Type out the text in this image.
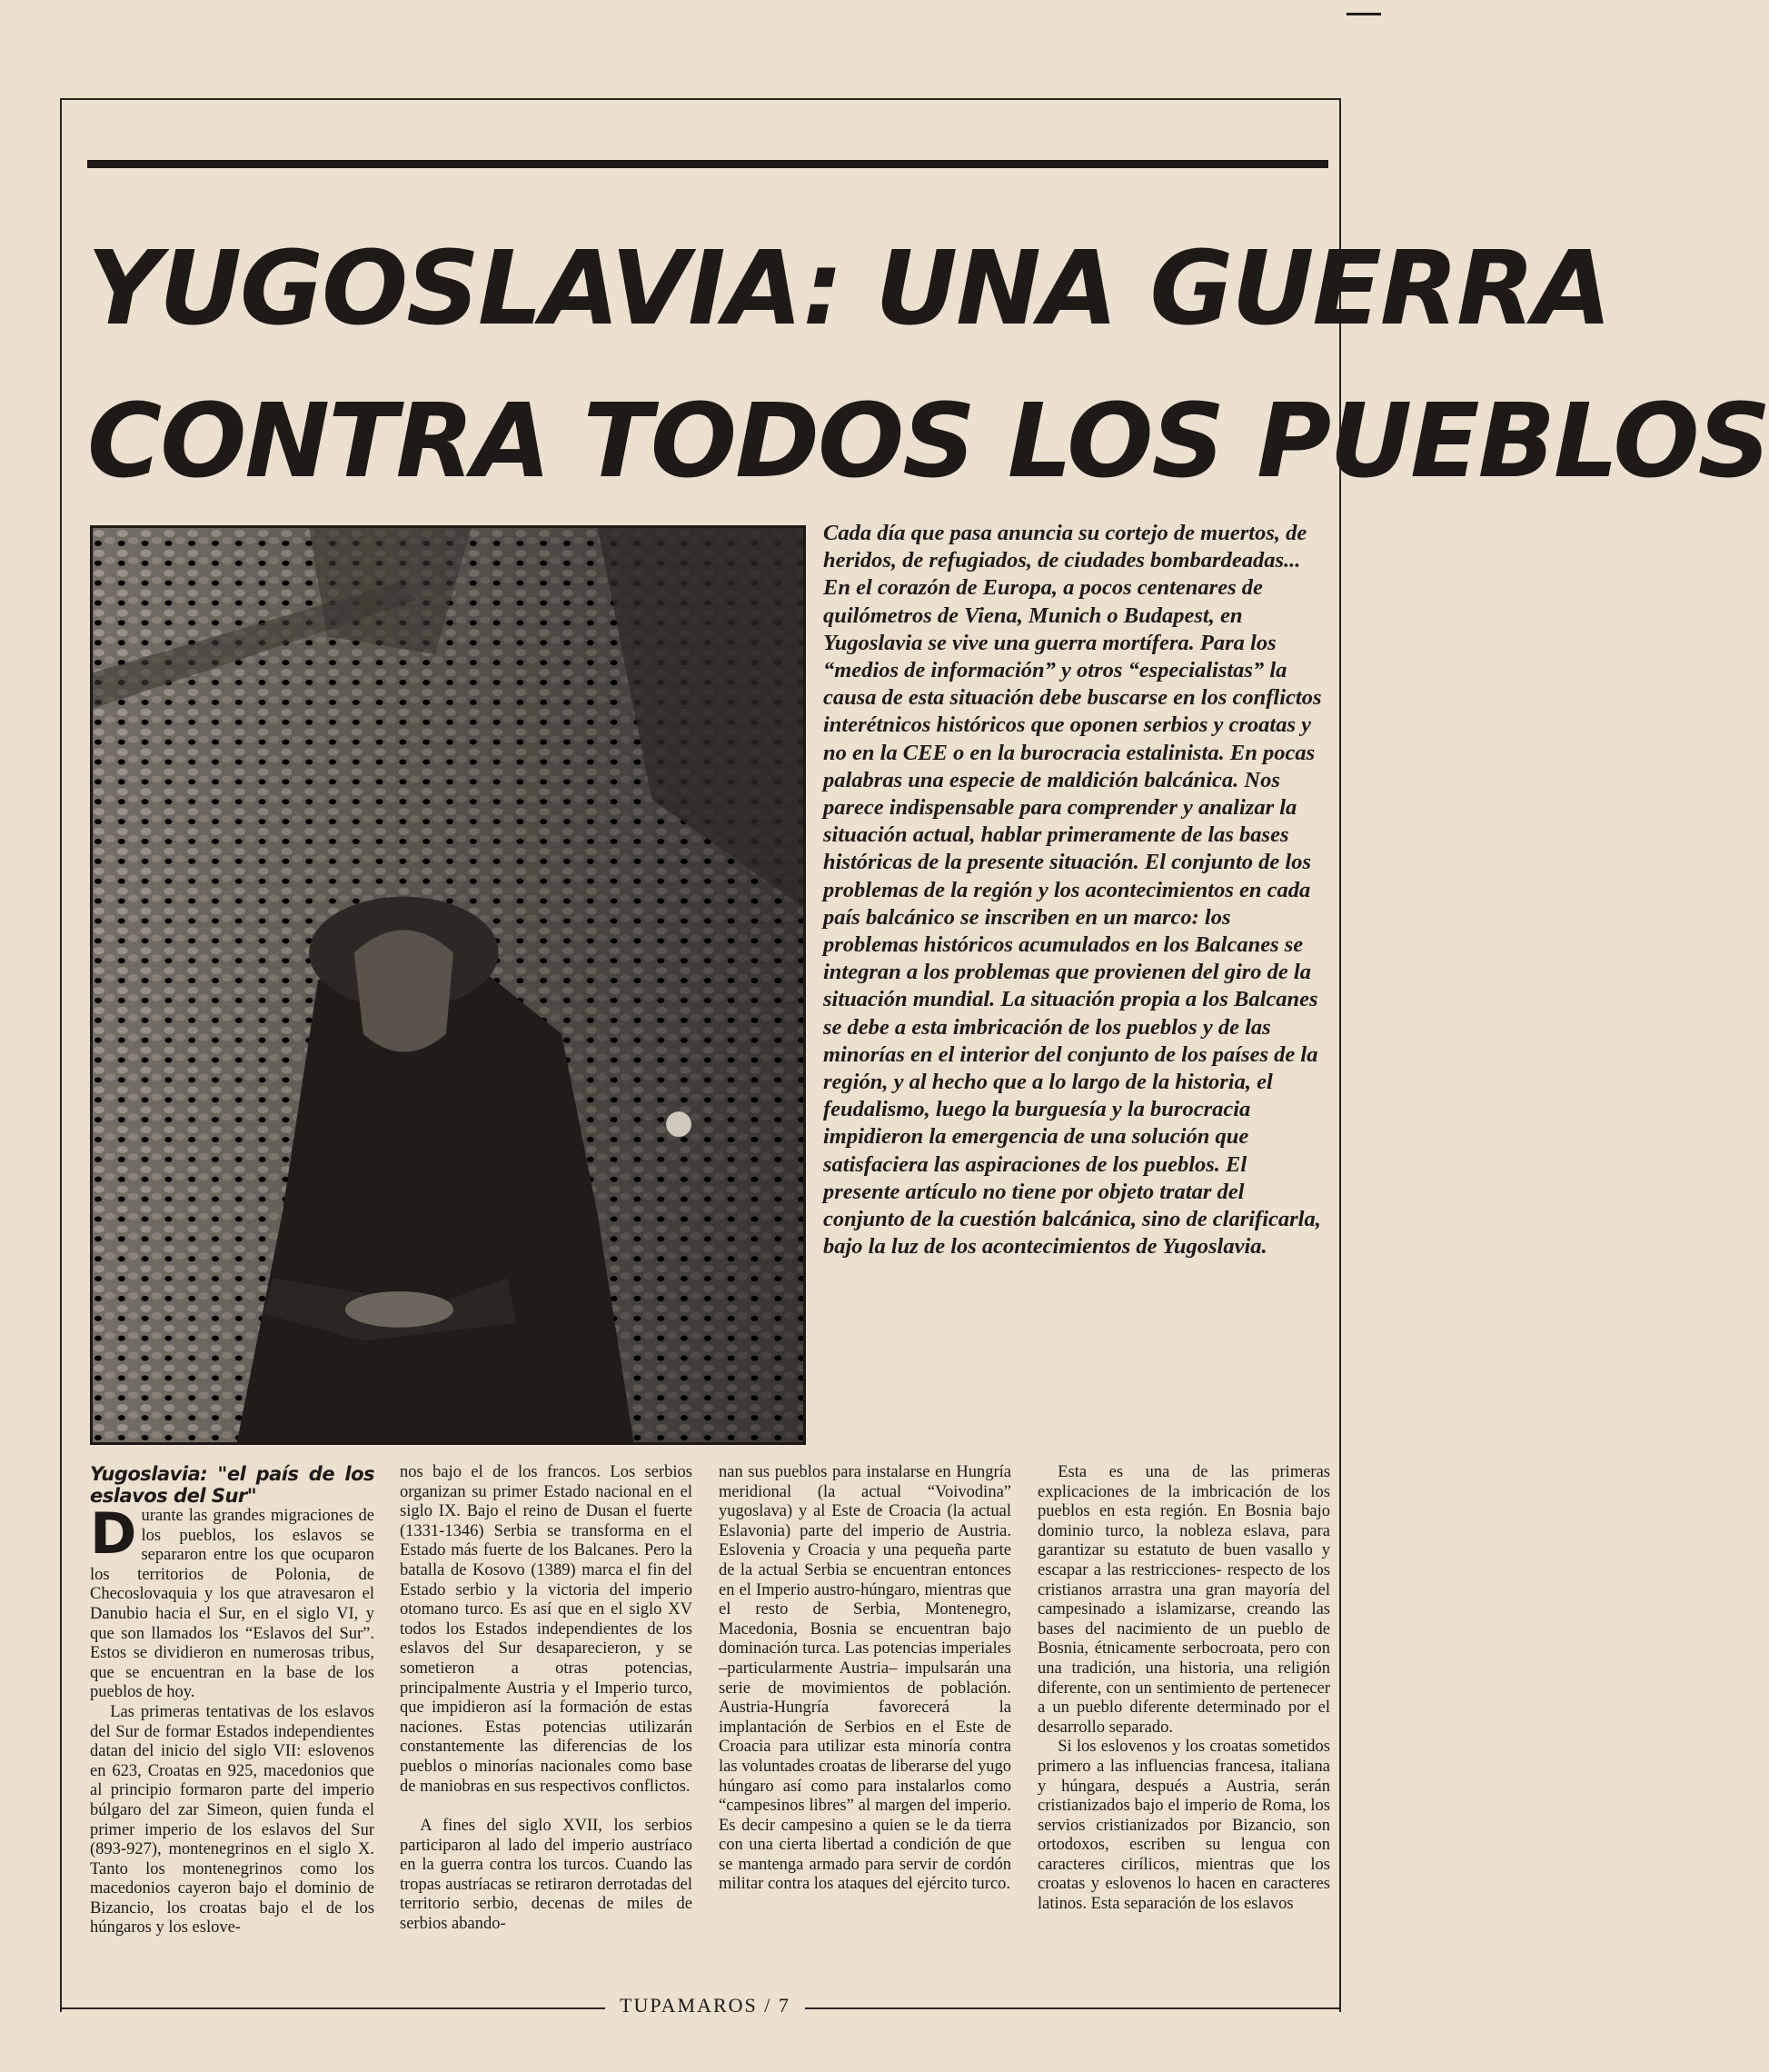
YUGOSLAVIA: UNA GUERRA
CONTRA TODOS LOS PUEBLOS

Cada día que pasa anuncia su cortejo de muertos, de heridos, de refugiados, de ciudades bombardeadas... En el corazón de Europa, a pocos centenares de quilómetros de Viena, Munich o Budapest, en Yugoslavia se vive una guerra mortífera. Para los “medios de información” y otros “especialistas” la causa de esta situación debe buscarse en los conflictos interétnicos históricos que oponen serbios y croatas y no en la CEE o en la burocracia estalinista. En pocas palabras una especie de maldición balcánica. Nos parece indispensable para comprender y analizar la situación actual, hablar primeramente de las bases históricas de la presente situación. El conjunto de los problemas de la región y los acontecimientos en cada país balcánico se inscriben en un marco: los problemas históricos acumulados en los Balcanes se integran a los problemas que provienen del giro de la situación mundial. La situación propia a los Balcanes se debe a esta imbricación de los pueblos y de las minorías en el interior del conjunto de los países de la región, y al hecho que a lo largo de la historia, el feudalismo, luego la burguesía y la burocracia impidieron la emergencia de una solución que satisfaciera las aspiraciones de los pueblos. El presente artículo no tiene por objeto tratar del conjunto de la cuestión balcánica, sino de clarificarla, bajo la luz de los acontecimientos de Yugoslavia.

Yugoslavia: "el país de los eslavos del Sur"

Durante las grandes migraciones de los pueblos, los eslavos se separaron entre los que ocuparon los territorios de Polonia, de Checoslovaquia y los que atravesaron el Danubio hacia el Sur, en el siglo VI, y que son llamados los “Eslavos del Sur”. Estos se dividieron en numerosas tribus, que se encuentran en la base de los pueblos de hoy.

Las primeras tentativas de los eslavos del Sur de formar Estados independientes datan del inicio del siglo VII: eslovenos en 623, Croatas en 925, macedonios que al principio formaron parte del imperio búlgaro del zar Simeon, quien funda el primer imperio de los eslavos del Sur (893-927), montenegrinos en el siglo X. Tanto los montenegrinos como los macedonios cayeron bajo el dominio de Bizancio, los croatas bajo el de los húngaros y los eslove-

nos bajo el de los francos. Los serbios organizan su primer Estado nacional en el siglo IX. Bajo el reino de Dusan el fuerte (1331-1346) Serbia se transforma en el Estado más fuerte de los Balcanes. Pero la batalla de Kosovo (1389) marca el fin del Estado serbio y la victoria del imperio otomano turco. Es así que en el siglo XV todos los Estados independientes de los eslavos del Sur desaparecieron, y se sometieron a otras potencias, principalmente Austria y el Imperio turco, que impidieron así la formación de estas naciones. Estas potencias utilizarán constantemente las diferencias de los pueblos o minorías nacionales como base de maniobras en sus respectivos conflictos.

A fines del siglo XVII, los serbios participaron al lado del imperio austríaco en la guerra contra los turcos. Cuando las tropas austríacas se retiraron derrotadas del territorio serbio, decenas de miles de serbios abando-

nan sus pueblos para instalarse en Hungría meridional (la actual “Voivodina” yugoslava) y al Este de Croacia (la actual Eslavonia) parte del imperio de Austria. Eslovenia y Croacia y una pequeña parte de la actual Serbia se encuentran entonces en el Imperio austro-húngaro, mientras que el resto de Serbia, Montenegro, Macedonia, Bosnia se encuentran bajo dominación turca. Las potencias imperiales –particularmente Austria– impulsarán una serie de movimientos de población. Austria-Hungría favorecerá la implantación de Serbios en el Este de Croacia para utilizar esta minoría contra las voluntades croatas de liberarse del yugo húngaro así como para instalarlos como “campesinos libres” al margen del imperio. Es decir campesino a quien se le da tierra con una cierta libertad a condición de que se mantenga armado para servir de cordón militar contra los ataques del ejército turco.

Esta es una de las primeras explicaciones de la imbricación de los pueblos en esta región. En Bosnia bajo dominio turco, la nobleza eslava, para garantizar su estatuto de buen vasallo y escapar a las restricciones- respecto de los cristianos arrastra una gran mayoría del campesinado a islamizarse, creando las bases del nacimiento de un pueblo de Bosnia, étnicamente serbocroata, pero con una tradición, una historia, una religión diferente, con un sentimiento de pertenecer a un pueblo diferente determinado por el desarrollo separado.

Si los eslovenos y los croatas sometidos primero a las influencias francesa, italiana y húngara, después a Austria, serán cristianizados bajo el imperio de Roma, los servios cristianizados por Bizancio, son ortodoxos, escriben su lengua con caracteres cirílicos, mientras que los croatas y eslovenos lo hacen en caracteres latinos. Esta separación de los eslavos

TUPAMAROS / 7
